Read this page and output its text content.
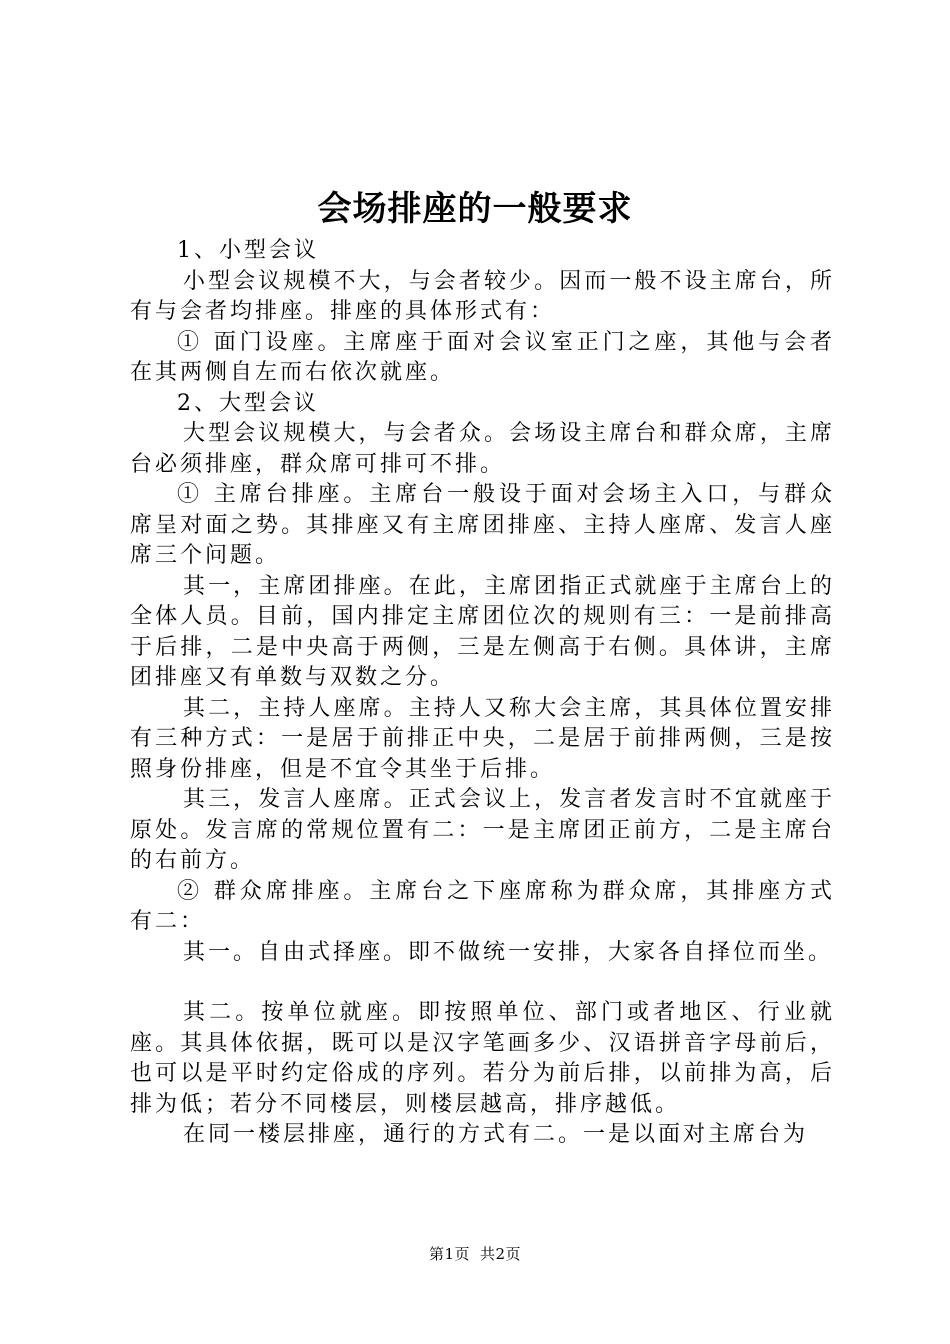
会场排座的一般要求

1、小型会议

小型会议规模不大，与会者较少。因而一般不设主席台，所有与会者均排座。排座的具体形式有：

① 面门设座。主席座于面对会议室正门之座，其他与会者在其两侧自左而右依次就座。

2、大型会议

大型会议规模大，与会者众。会场设主席台和群众席，主席台必须排座，群众席可排可不排。

① 主席台排座。主席台一般设于面对会场主入口，与群众席呈对面之势。其排座又有主席团排座、主持人座席、发言人座席三个问题。

其一，主席团排座。在此，主席团指正式就座于主席台上的全体人员。目前，国内排定主席团位次的规则有三：一是前排高于后排，二是中央高于两侧，三是左侧高于右侧。具体讲，主席团排座又有单数与双数之分。

其二，主持人座席。主持人又称大会主席，其具体位置安排有三种方式：一是居于前排正中央，二是居于前排两侧，三是按照身份排座，但是不宜令其坐于后排。

其三，发言人座席。正式会议上，发言者发言时不宜就座于原处。发言席的常规位置有二：一是主席团正前方，二是主席台的右前方。

② 群众席排座。主席台之下座席称为群众席，其排座方式有二：

其一。自由式择座。即不做统一安排，大家各自择位而坐。

其二。按单位就座。即按照单位、部门或者地区、行业就座。其具体依据，既可以是汉字笔画多少、汉语拼音字母前后，也可以是平时约定俗成的序列。若分为前后排，以前排为高，后排为低；若分不同楼层，则楼层越高，排序越低。

在同一楼层排座，通行的方式有二。一是以面对主席台为

第1页 共2页
